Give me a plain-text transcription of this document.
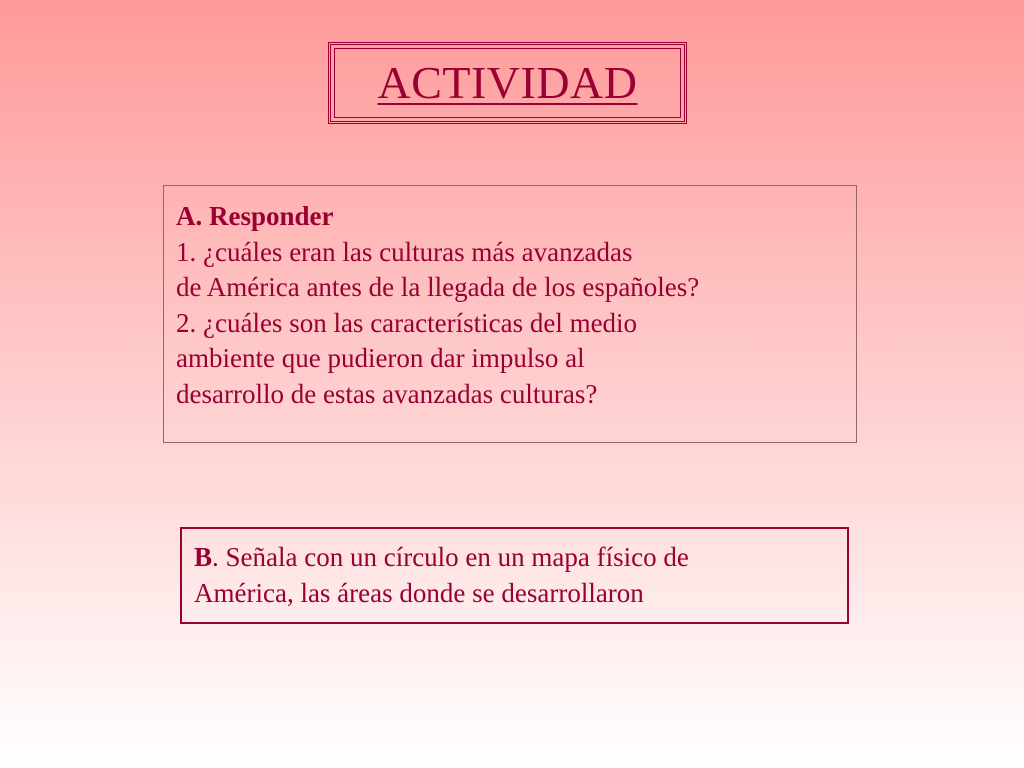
ACTIVIDAD
A. Responder
1. ¿cuáles eran las culturas más avanzadas
de América antes de la llegada de los españoles?
2. ¿cuáles son las características del medio
ambiente que pudieron dar impulso al
desarrollo de estas avanzadas culturas?
B. Señala con un círculo en un mapa físico de
América, las áreas donde se desarrollaron
